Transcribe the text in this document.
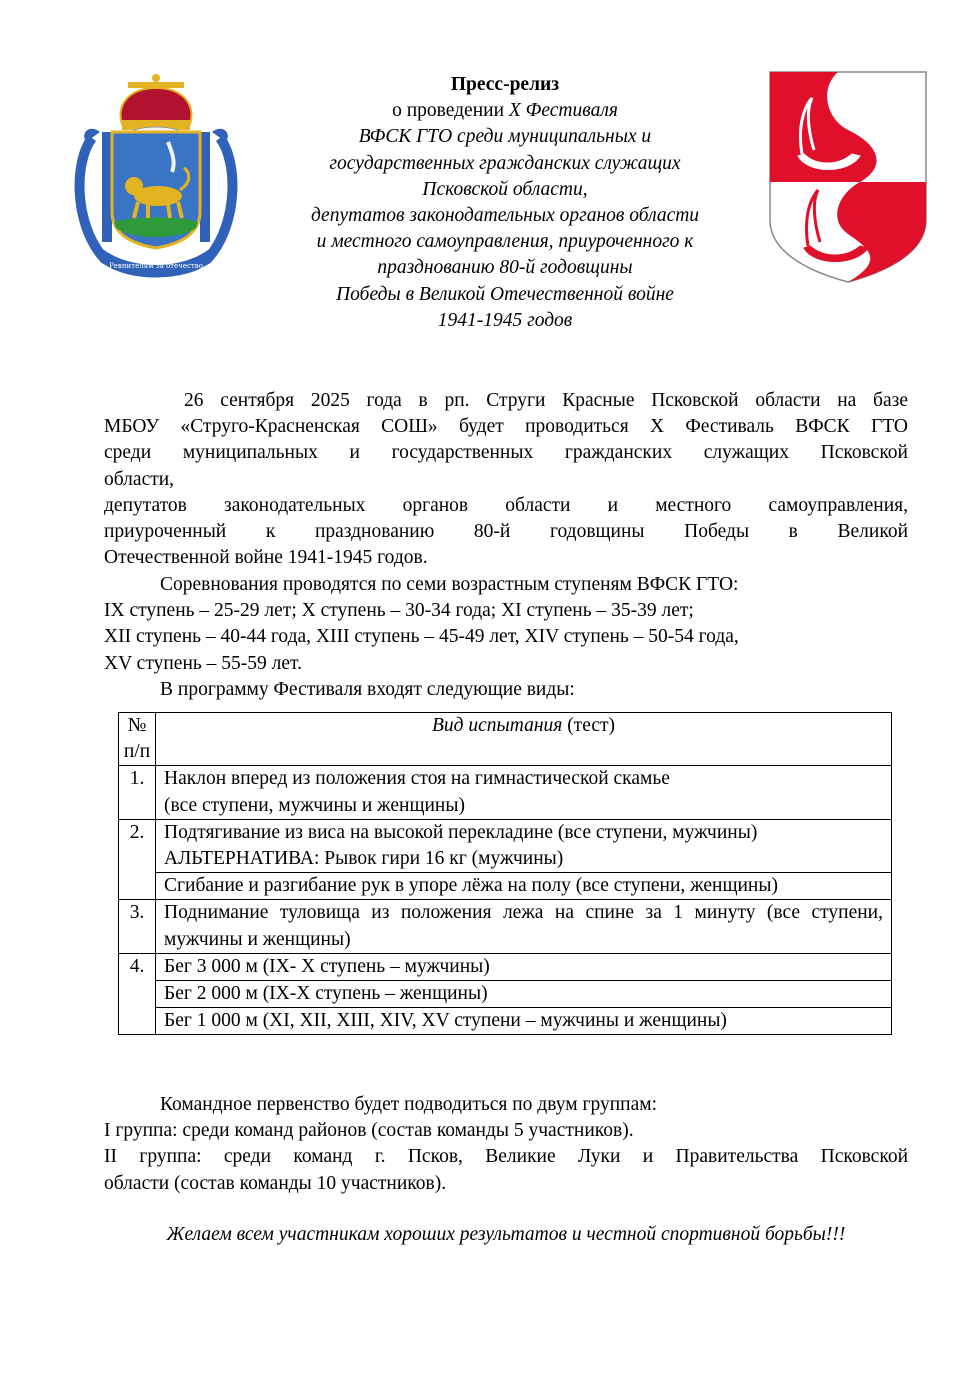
Ревнителям за отечество
Пресс-релиз
о проведении X Фестиваля
ВФСК ГТО среди муниципальных и
государственных гражданских служащих
Псковской области,
депутатов законодательных органов области
и местного самоуправления, приуроченного к
празднованию 80-й годовщины
Победы в Великой Отечественной войне
1941-1945 годов
26 сентября 2025 года в рп. Струги Красные Псковской области на базе
МБОУ «Струго-Красненская СОШ» будет проводиться X Фестиваль ВФСК ГТО
среди муниципальных и государственных гражданских служащих Псковской
области,
депутатов законодательных органов области и местного самоуправления,
приуроченный к празднованию 80-й годовщины Победы в Великой
Отечественной войне 1941-1945 годов.
Соревнования проводятся по семи возрастным ступеням ВФСК ГТО:
IX ступень – 25-29 лет; X ступень – 30-34 года; XI ступень – 35-39 лет;
XII ступень – 40-44 года, XIII ступень – 45-49 лет, XIV ступень – 50-54 года,
XV ступень – 55-59 лет.
В программу Фестиваля входят следующие виды:
№
п/п	Вид испытания (тест)
1.	Наклон вперед из положения стоя на гимнастической скамье
(все ступени, мужчины и женщины)

2.	Подтягивание из виса на высокой перекладине (все ступени, мужчины)
АЛЬТЕРНАТИВА: Рывок гири 16 кг (мужчины)

	Сгибание и разгибание рук в упоре лёжа на полу (все ступени, женщины)
3.	Поднимание туловища из положения лежа на спине за 1 минуту (все ступени, мужчины и женщины)
4.	Бег 3 000 м (IX- X ступень – мужчины)
	Бег 2 000 м (IX-X ступень – женщины)
	Бег 1 000 м (XI, XII, XIII, XIV, XV ступени – мужчины и женщины)
Командное первенство будет подводиться по двум группам:
I группа: среди команд районов (состав команды 5 участников).
II группа: среди команд г. Псков, Великие Луки и Правительства Псковской
области (состав команды 10 участников).
Желаем всем участникам хороших результатов и честной спортивной борьбы!!!
